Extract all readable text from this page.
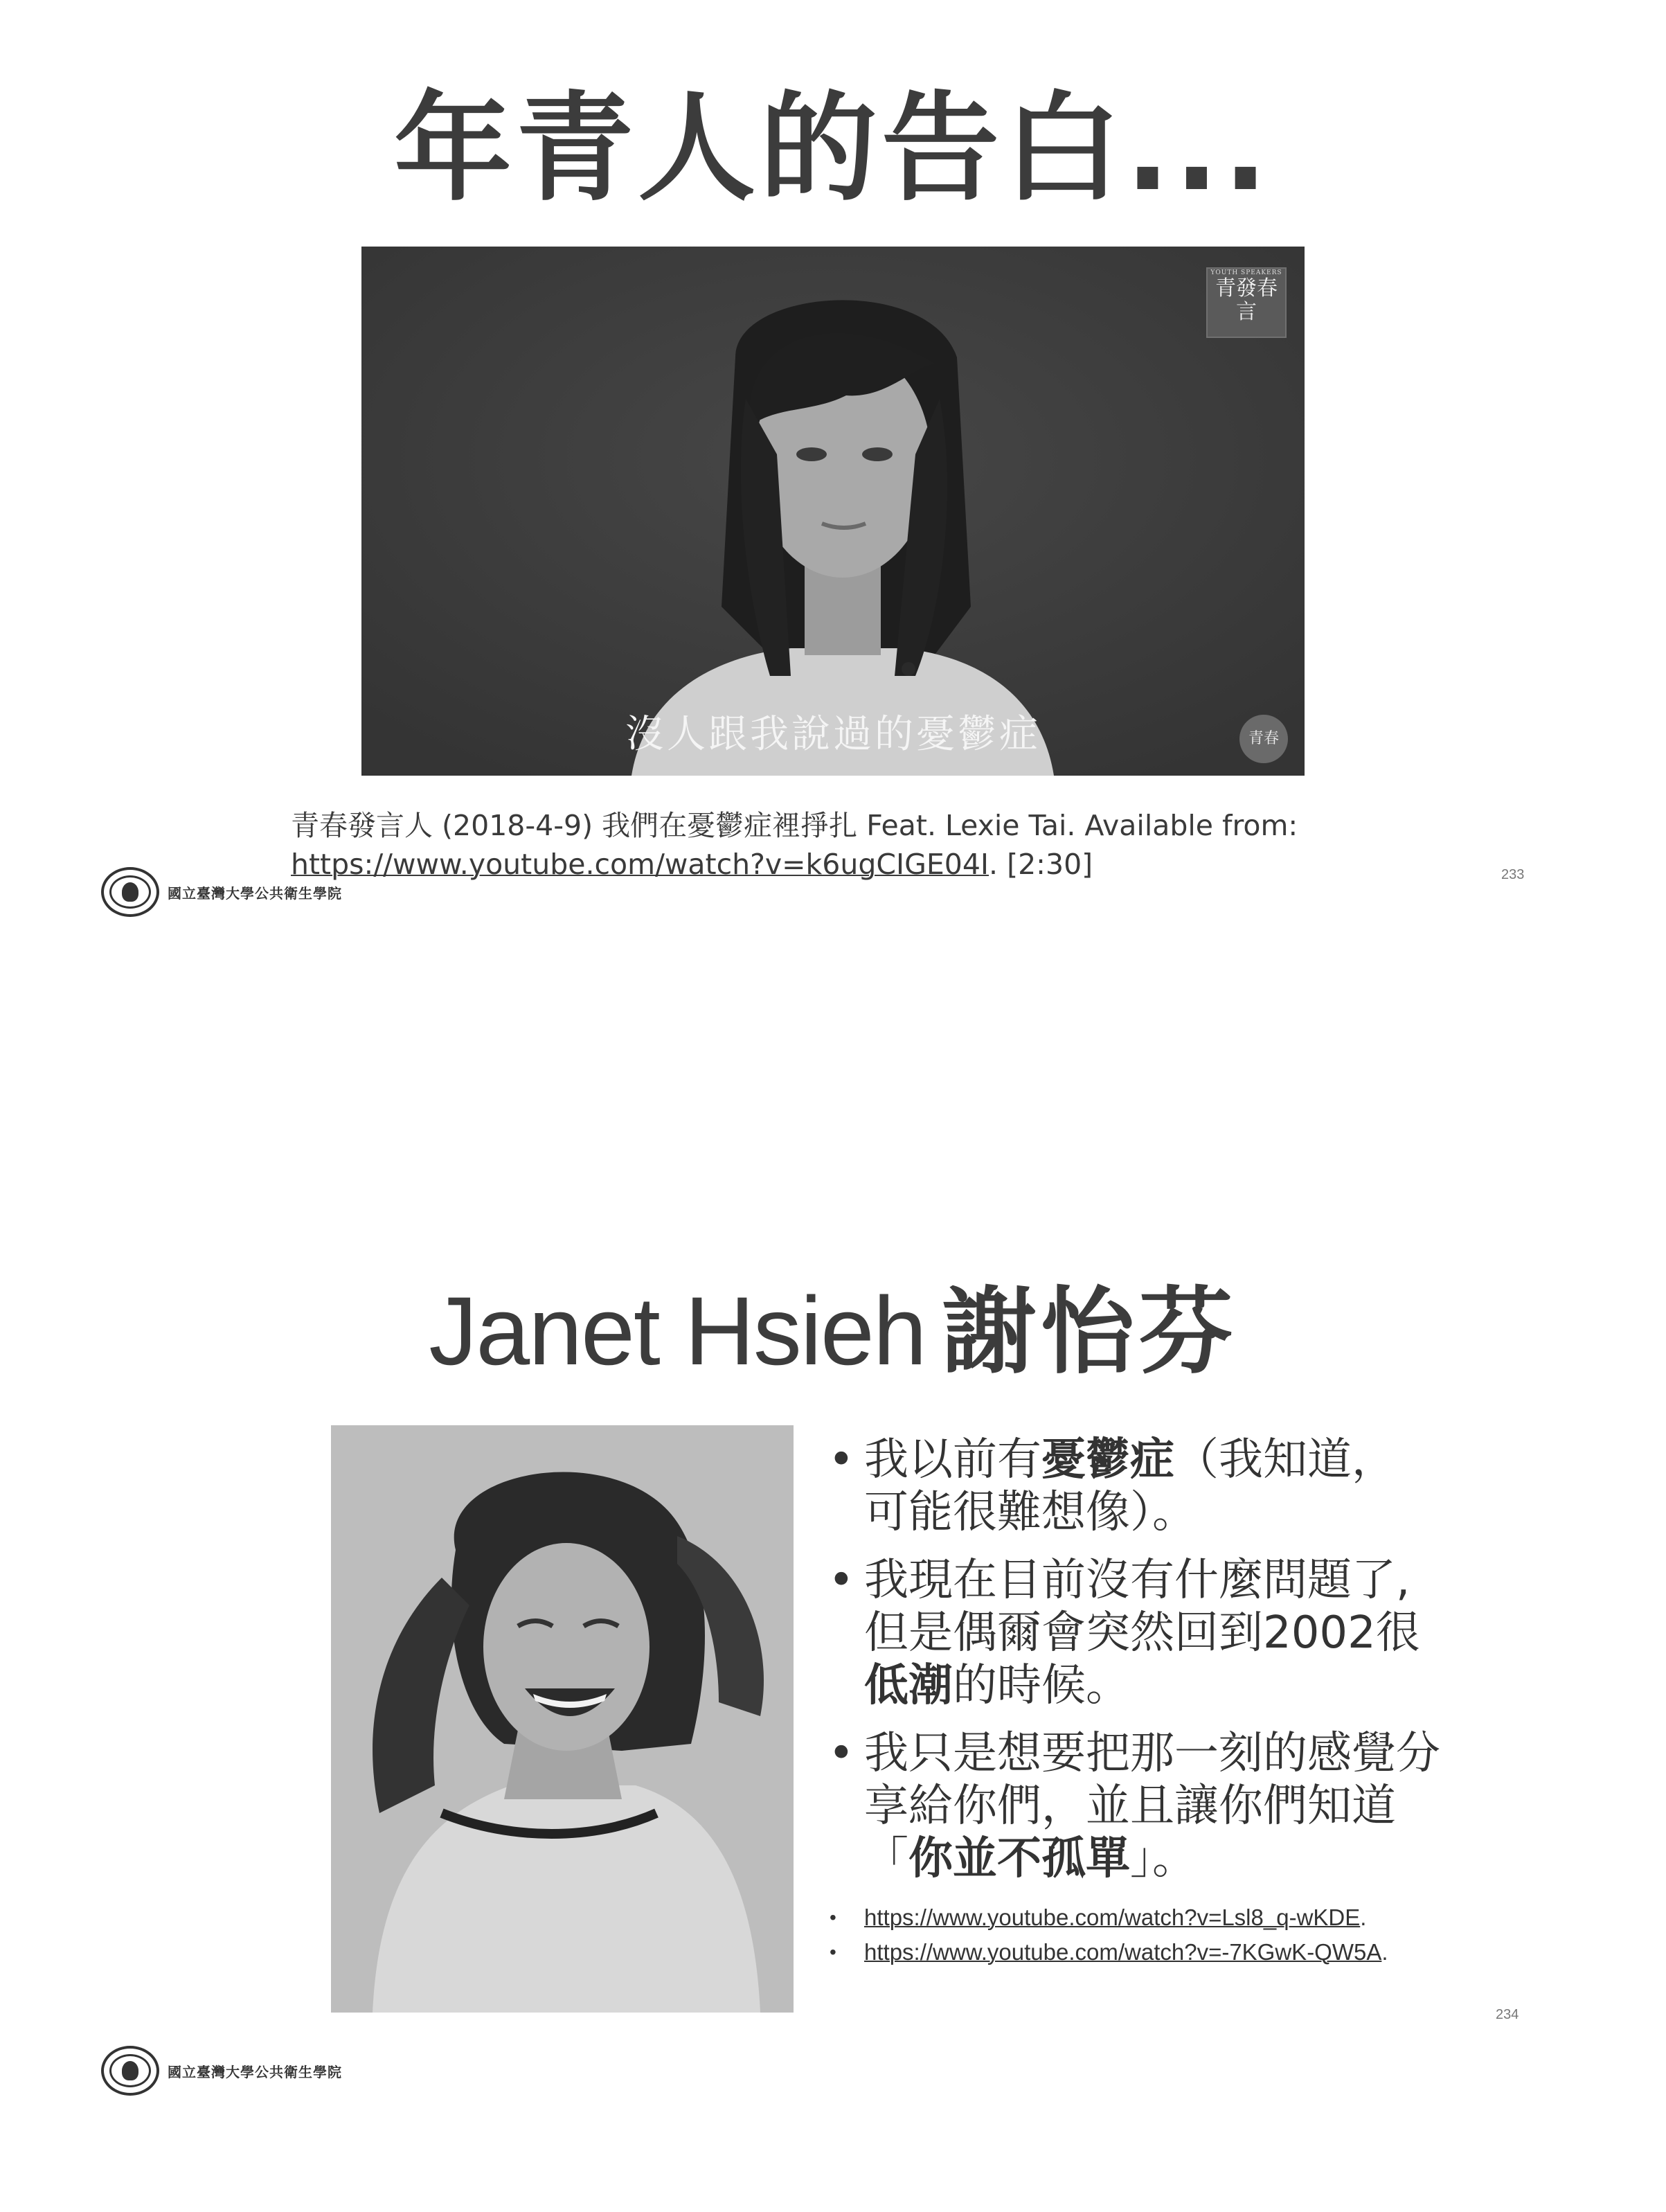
年青人的告白...
YOUTH SPEAKERS
青發春言
沒人跟我說過的憂鬱症	青春
青春發言人 (2018-4-9) 我們在憂鬱症裡掙扎 Feat. Lexie Tai. Available from:
https://www.youtube.com/watch?v=k6ugCIGE04I. [2:30]
國立臺灣大學公共衛生學院
233
Janet Hsieh 謝怡芬
• 我以前有憂鬱症（我知道，
可能很難想像）。
• 我現在目前沒有什麼問題了,
但是偶爾會突然回到2002很
低潮的時候。
• 我只是想要把那一刻的感覺分
享給你們，並且讓你們知道
「你並不孤單」。
• https://www.youtube.com/watch?v=Lsl8_q-wKDE.
• https://www.youtube.com/watch?v=-7KGwK-QW5A.
國立臺灣大學公共衛生學院
234
